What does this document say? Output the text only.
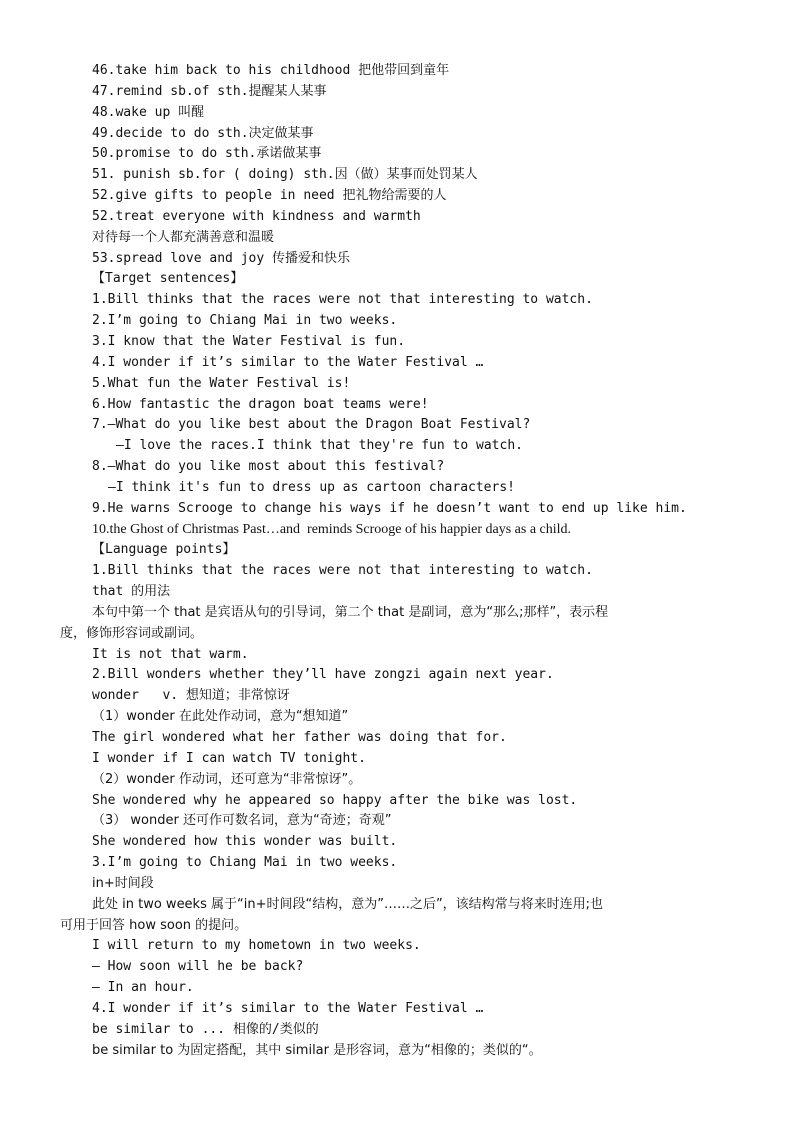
46.take him back to his childhood 把他带回到童年
47.remind sb.of sth.提醒某人某事
48.wake up 叫醒
49.decide to do sth.决定做某事
50.promise to do sth.承诺做某事
51. punish sb.for ( doing) sth.因（做）某事而处罚某人
52.give gifts to people in need 把礼物给需要的人
52.treat everyone with kindness and warmth
对待每一个人都充满善意和温暖
53.spread love and joy 传播爱和快乐
【Target sentences】
1.Bill thinks that the races were not that interesting to watch.
2.I’m going to Chiang Mai in two weeks.
3.I know that the Water Festival is fun.
4.I wonder if it’s similar to the Water Festival …
5.What fun the Water Festival is!
6.How fantastic the dragon boat teams were!
7.—What do you like best about the Dragon Boat Festival?
—I love the races.I think that they're fun to watch.
8.—What do you like most about this festival?
—I think it's fun to dress up as cartoon characters!
9.He warns Scrooge to change his ways if he doesn’t want to end up like him.
10.the Ghost of Christmas Past…and  reminds Scrooge of his happier days as a child.
【Language points】
1.Bill thinks that the races were not that interesting to watch.
that 的用法
本句中第一个 that 是宾语从句的引导词，第二个 that 是副词，意为“那么;那样”，表示程
度，修饰形容词或副词。
It is not that warm.
2.Bill wonders whether they’ll have zongzi again next year.
wonder   v. 想知道；非常惊讶
（1）wonder 在此处作动词，意为“想知道”
The girl wondered what her father was doing that for.
I wonder if I can watch TV tonight.
（2）wonder 作动词，还可意为“非常惊讶”。
She wondered why he appeared so happy after the bike was lost.
（3） wonder 还可作可数名词，意为“奇迹；奇观”
She wondered how this wonder was built.
3.I’m going to Chiang Mai in two weeks.
in+时间段
此处 in two weeks 属于“in+时间段“结构，意为”……之后”，该结构常与将来时连用;也
可用于回答 how soon 的提问。
I will return to my hometown in two weeks.
— How soon will he be back?
— In an hour.
4.I wonder if it’s similar to the Water Festival …
be similar to ... 相像的/类似的
be similar to 为固定搭配，其中 similar 是形容词，意为“相像的；类似的“。
